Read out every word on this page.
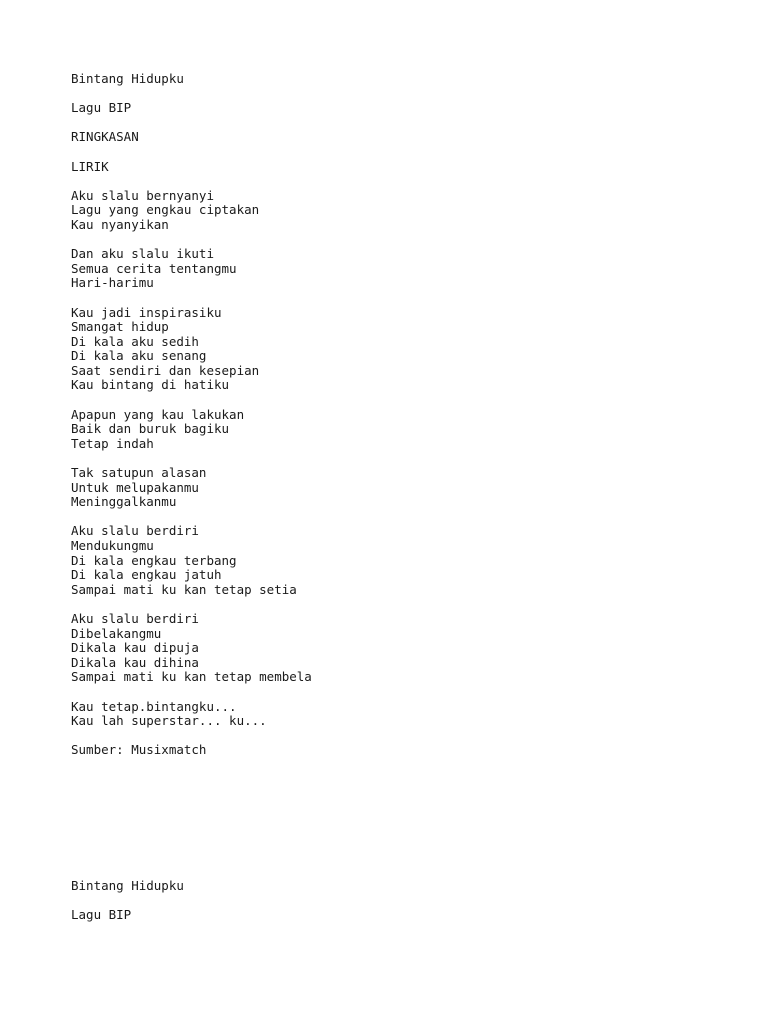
Bintang Hidupku
Lagu BIP
RINGKASAN
LIRIK
Aku slalu bernyanyi
Lagu yang engkau ciptakan
Kau nyanyikan
Dan aku slalu ikuti
Semua cerita tentangmu
Hari-harimu
Kau jadi inspirasiku
Smangat hidup
Di kala aku sedih
Di kala aku senang
Saat sendiri dan kesepian
Kau bintang di hatiku
Apapun yang kau lakukan
Baik dan buruk bagiku
Tetap indah
Tak satupun alasan
Untuk melupakanmu
Meninggalkanmu
Aku slalu berdiri
Mendukungmu
Di kala engkau terbang
Di kala engkau jatuh
Sampai mati ku kan tetap setia
Aku slalu berdiri
Dibelakangmu
Dikala kau dipuja
Dikala kau dihina
Sampai mati ku kan tetap membela
Kau tetap.bintangku...
Kau lah superstar... ku...
Sumber: Musixmatch
Bintang Hidupku
Lagu BIP
